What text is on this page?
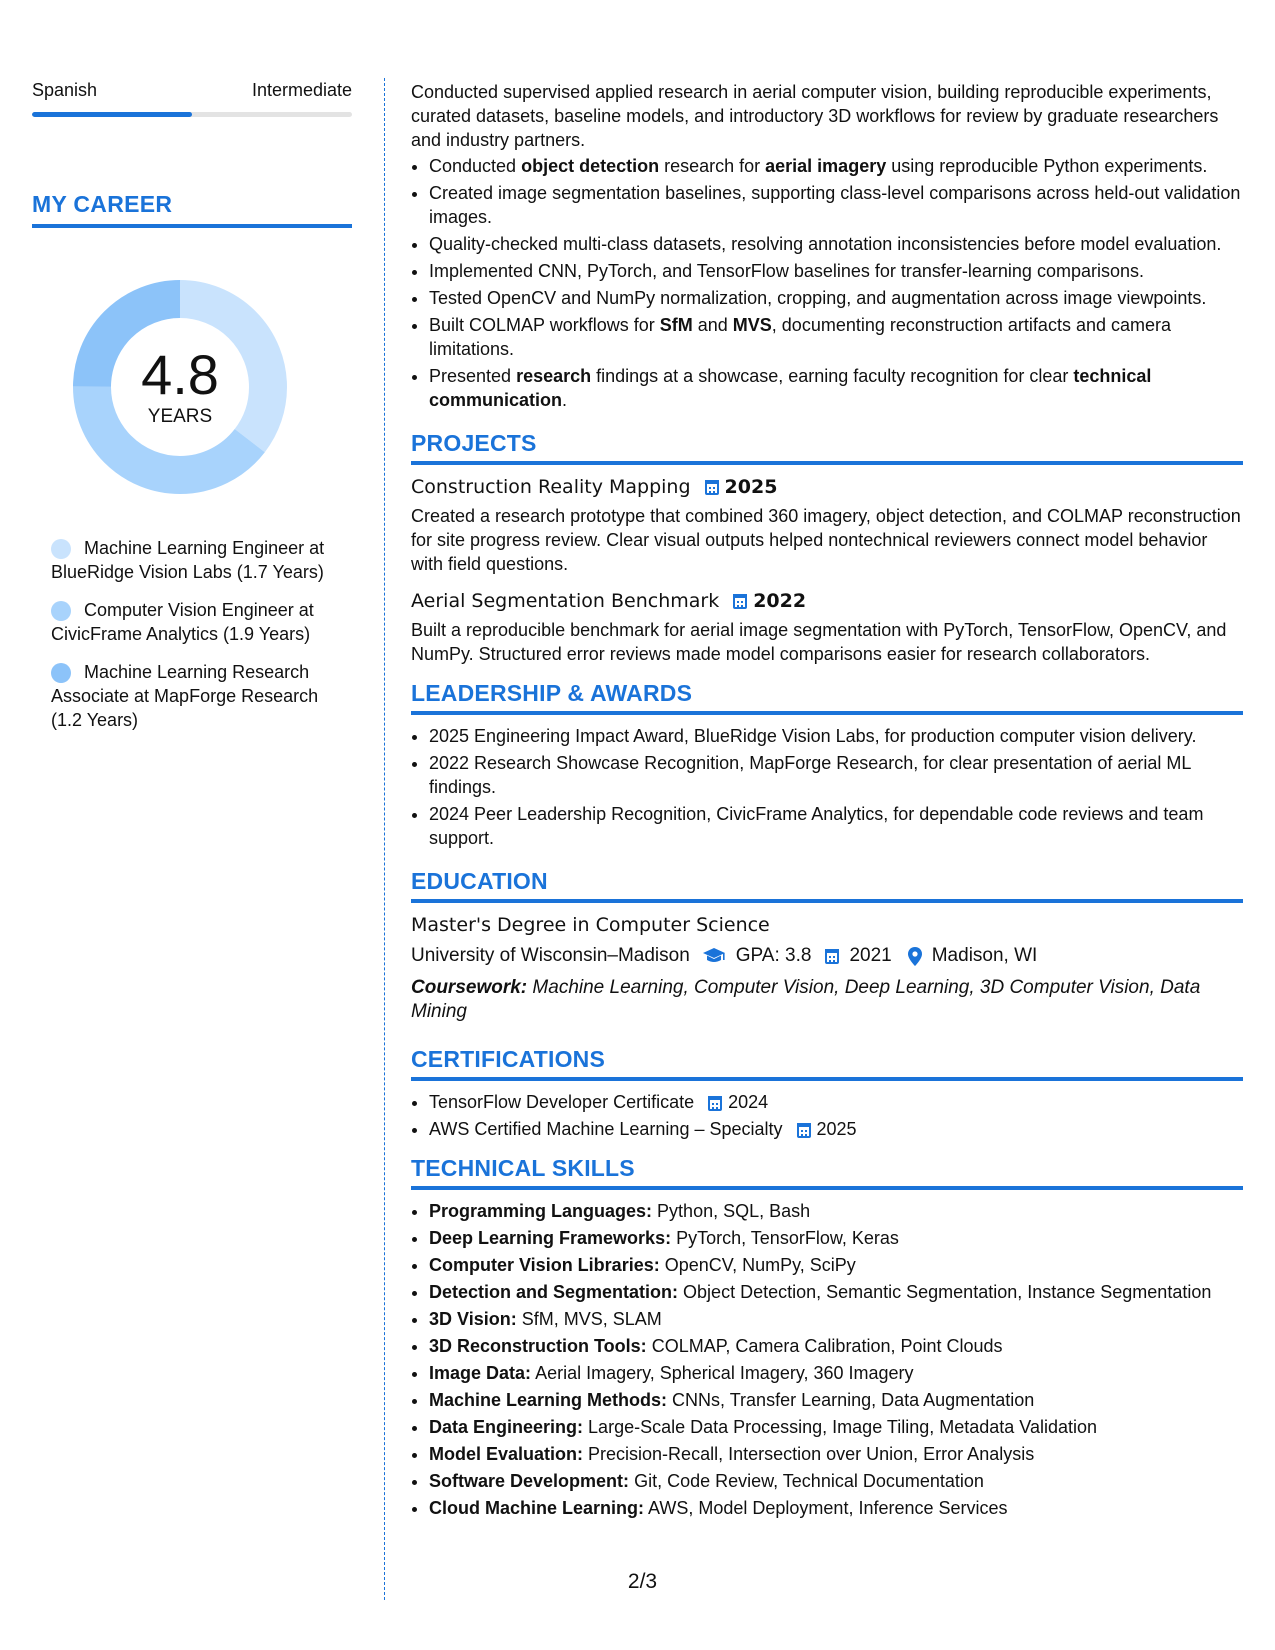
Spanish	Intermediate
MY CAREER
4.8
YEARS
Machine Learning Engineer at BlueRidge Vision Labs (1.7 Years)
Computer Vision Engineer at CivicFrame Analytics (1.9 Years)
Machine Learning Research Associate at MapForge Research (1.2 Years)

Conducted supervised applied research in aerial computer vision, building reproducible experiments, curated datasets, baseline models, and introductory 3D workflows for review by graduate researchers and industry partners.

• Conducted object detection research for aerial imagery using reproducible Python experiments.
• Created image segmentation baselines, supporting class-level comparisons across held-out validation images.
• Quality-checked multi-class datasets, resolving annotation inconsistencies before model evaluation.
• Implemented CNN, PyTorch, and TensorFlow baselines for transfer-learning comparisons.
• Tested OpenCV and NumPy normalization, cropping, and augmentation across image viewpoints.
• Built COLMAP workflows for SfM and MVS, documenting reconstruction artifacts and camera limitations.
• Presented research findings at a showcase, earning faculty recognition for clear technical communication.
PROJECTS
Construction Reality Mapping 2025
Created a research prototype that combined 360 imagery, object detection, and COLMAP reconstruction for site progress review. Clear visual outputs helped nontechnical reviewers connect model behavior with field questions.
Aerial Segmentation Benchmark 2022
Built a reproducible benchmark for aerial image segmentation with PyTorch, TensorFlow, OpenCV, and NumPy. Structured error reviews made model comparisons easier for research collaborators.
LEADERSHIP & AWARDS
• 2025 Engineering Impact Award, BlueRidge Vision Labs, for production computer vision delivery.
• 2022 Research Showcase Recognition, MapForge Research, for clear presentation of aerial ML findings.
• 2024 Peer Leadership Recognition, CivicFrame Analytics, for dependable code reviews and team support.
EDUCATION
Master's Degree in Computer Science
University of Wisconsin–Madison GPA: 3.8 2021 Madison, WI
Coursework: Machine Learning, Computer Vision, Deep Learning, 3D Computer Vision, Data Mining
CERTIFICATIONS
• TensorFlow Developer Certificate 2024
• AWS Certified Machine Learning – Specialty 2025
TECHNICAL SKILLS
• Programming Languages: Python, SQL, Bash
• Deep Learning Frameworks: PyTorch, TensorFlow, Keras
• Computer Vision Libraries: OpenCV, NumPy, SciPy
• Detection and Segmentation: Object Detection, Semantic Segmentation, Instance Segmentation
• 3D Vision: SfM, MVS, SLAM
• 3D Reconstruction Tools: COLMAP, Camera Calibration, Point Clouds
• Image Data: Aerial Imagery, Spherical Imagery, 360 Imagery
• Machine Learning Methods: CNNs, Transfer Learning, Data Augmentation
• Data Engineering: Large-Scale Data Processing, Image Tiling, Metadata Validation
• Model Evaluation: Precision-Recall, Intersection over Union, Error Analysis
• Software Development: Git, Code Review, Technical Documentation
• Cloud Machine Learning: AWS, Model Deployment, Inference Services
2/3
